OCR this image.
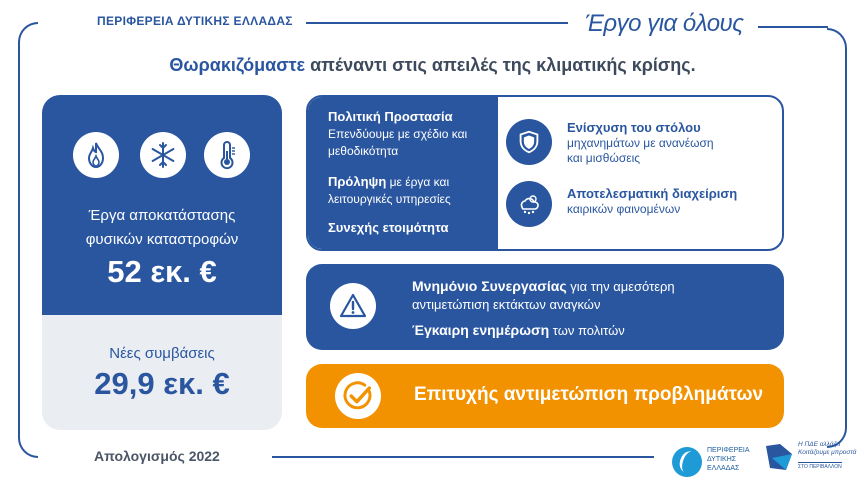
ΠΕΡΙΦΕΡΕΙΑ ΔΥΤΙΚΗΣ ΕΛΛΑΔΑΣ	Έργο για όλους
Θωρακιζόμαστε απέναντι στις απειλές της κλιματικής κρίσης.
Έργα αποκατάστασης
φυσικών καταστροφών
52 εκ. €
Νέες συμβάσεις
29,9 εκ. €
Πολιτική Προστασία
Επενδύουμε με σχέδιο και
μεθοδικότητα
Πρόληψη με έργα και
λειτουργικές υπηρεσίες
Συνεχής ετοιμότητα
Ενίσχυση του στόλου
μηχανημάτων με ανανέωση
και μισθώσεις
Αποτελεσματική διαχείριση
καιρικών φαινομένων
Μνημόνιο Συνεργασίας για την αμεσότερη
αντιμετώπιση εκτάκτων αναγκών
Έγκαιρη ενημέρωση των πολιτών
Επιτυχής αντιμετώπιση προβλημάτων
Απολογισμός 2022	ΠΕΡΙΦΕΡΕΙΑ
ΔΥΤΙΚΗΣ
ΕΛΛΑΔΑΣ
Η ΠΔΕ αλλάζει
Κοιτάζουμε μπροστά
ΣΤΟ ΠΕΡΙΒΑΛΛΟΝ
